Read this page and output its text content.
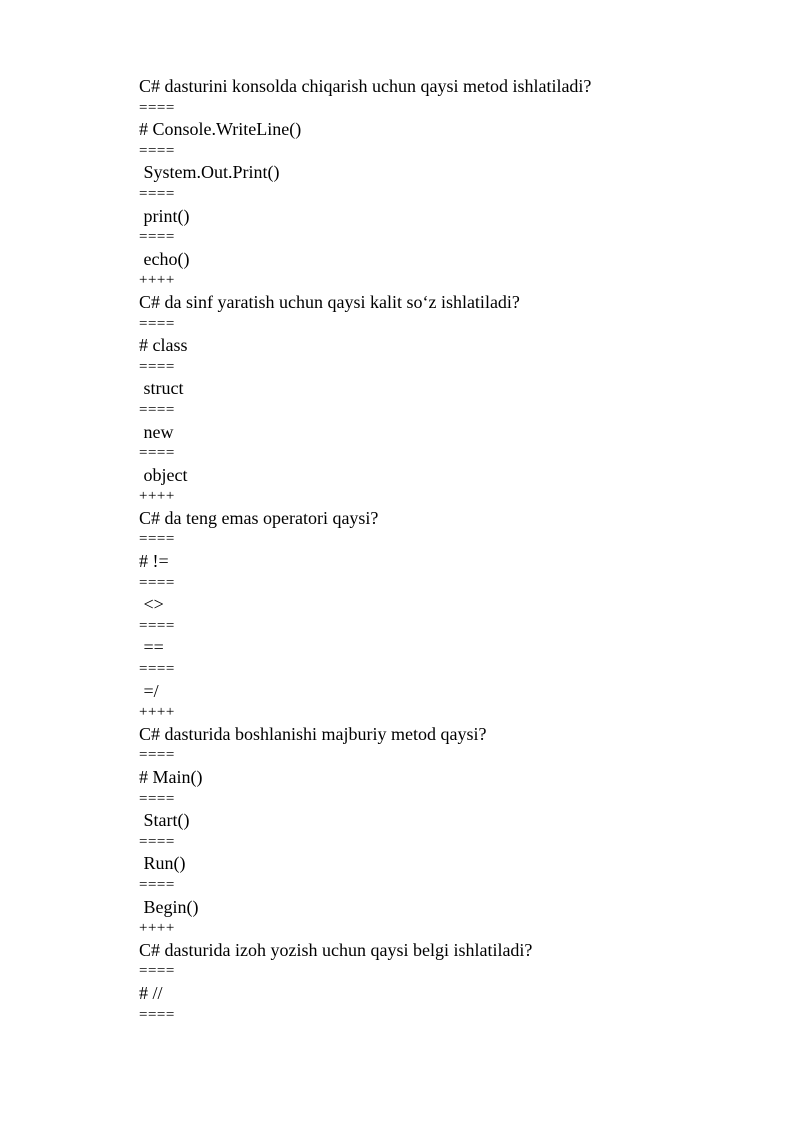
C# dasturini konsolda chiqarish uchun qaysi metod ishlatiladi?
====
# Console.WriteLine()
====
System.Out.Print()
====
print()
====
echo()
++++
C# da sinf yaratish uchun qaysi kalit so‘z ishlatiladi?
====
# class
====
struct
====
new
====
object
++++
C# da teng emas operatori qaysi?
====
# !=
====
<>
====
==
====
=/
++++
C# dasturida boshlanishi majburiy metod qaysi?
====
# Main()
====
Start()
====
Run()
====
Begin()
++++
C# dasturida izoh yozish uchun qaysi belgi ishlatiladi?
====
# //
====
